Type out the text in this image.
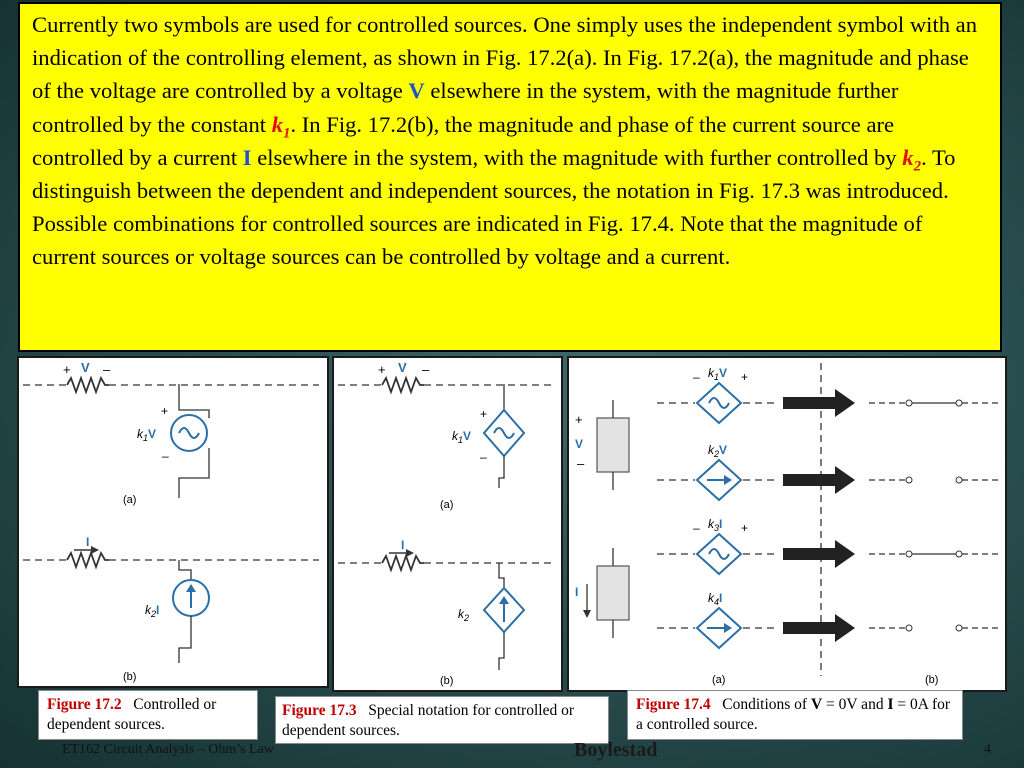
Currently two symbols are used for controlled sources. One simply uses the independent symbol with an indication of the controlling element, as shown in Fig. 17.2(a). In Fig. 17.2(a), the magnitude and phase of the voltage are controlled by a voltage V elsewhere in the system, with the magnitude further controlled by the constant $k_1$. In Fig. 17.2(b), the magnitude and phase of the current source are controlled by a current I elsewhere in the system, with the magnitude with further controlled by $k_2$. To distinguish between the dependent and independent sources, the notation in Fig. 17.3 was introduced. Possible combinations for controlled sources are indicated in Fig. 17.4. Note that the magnitude of current sources or voltage sources can be controlled by voltage and a current.
+ V –
+
–
$k_1V$
(a)
I
$k_2I$
(b)
+ V –
+
–
$k_1V$
(a)
I
$k_2$
(b)
+
V
–
I
– $k_1V$ +
$k_2V$
– $k_3I$ +
$k_4I$
(a)	(b)
Figure 17.2 Controlled or dependent sources.
Figure 17.3 Special notation for controlled or dependent sources.
Figure 17.4 Conditions of V = 0V and I = 0A for a controlled source.
ET162 Circuit Analysis – Ohm’s Law	Boylestad	4
